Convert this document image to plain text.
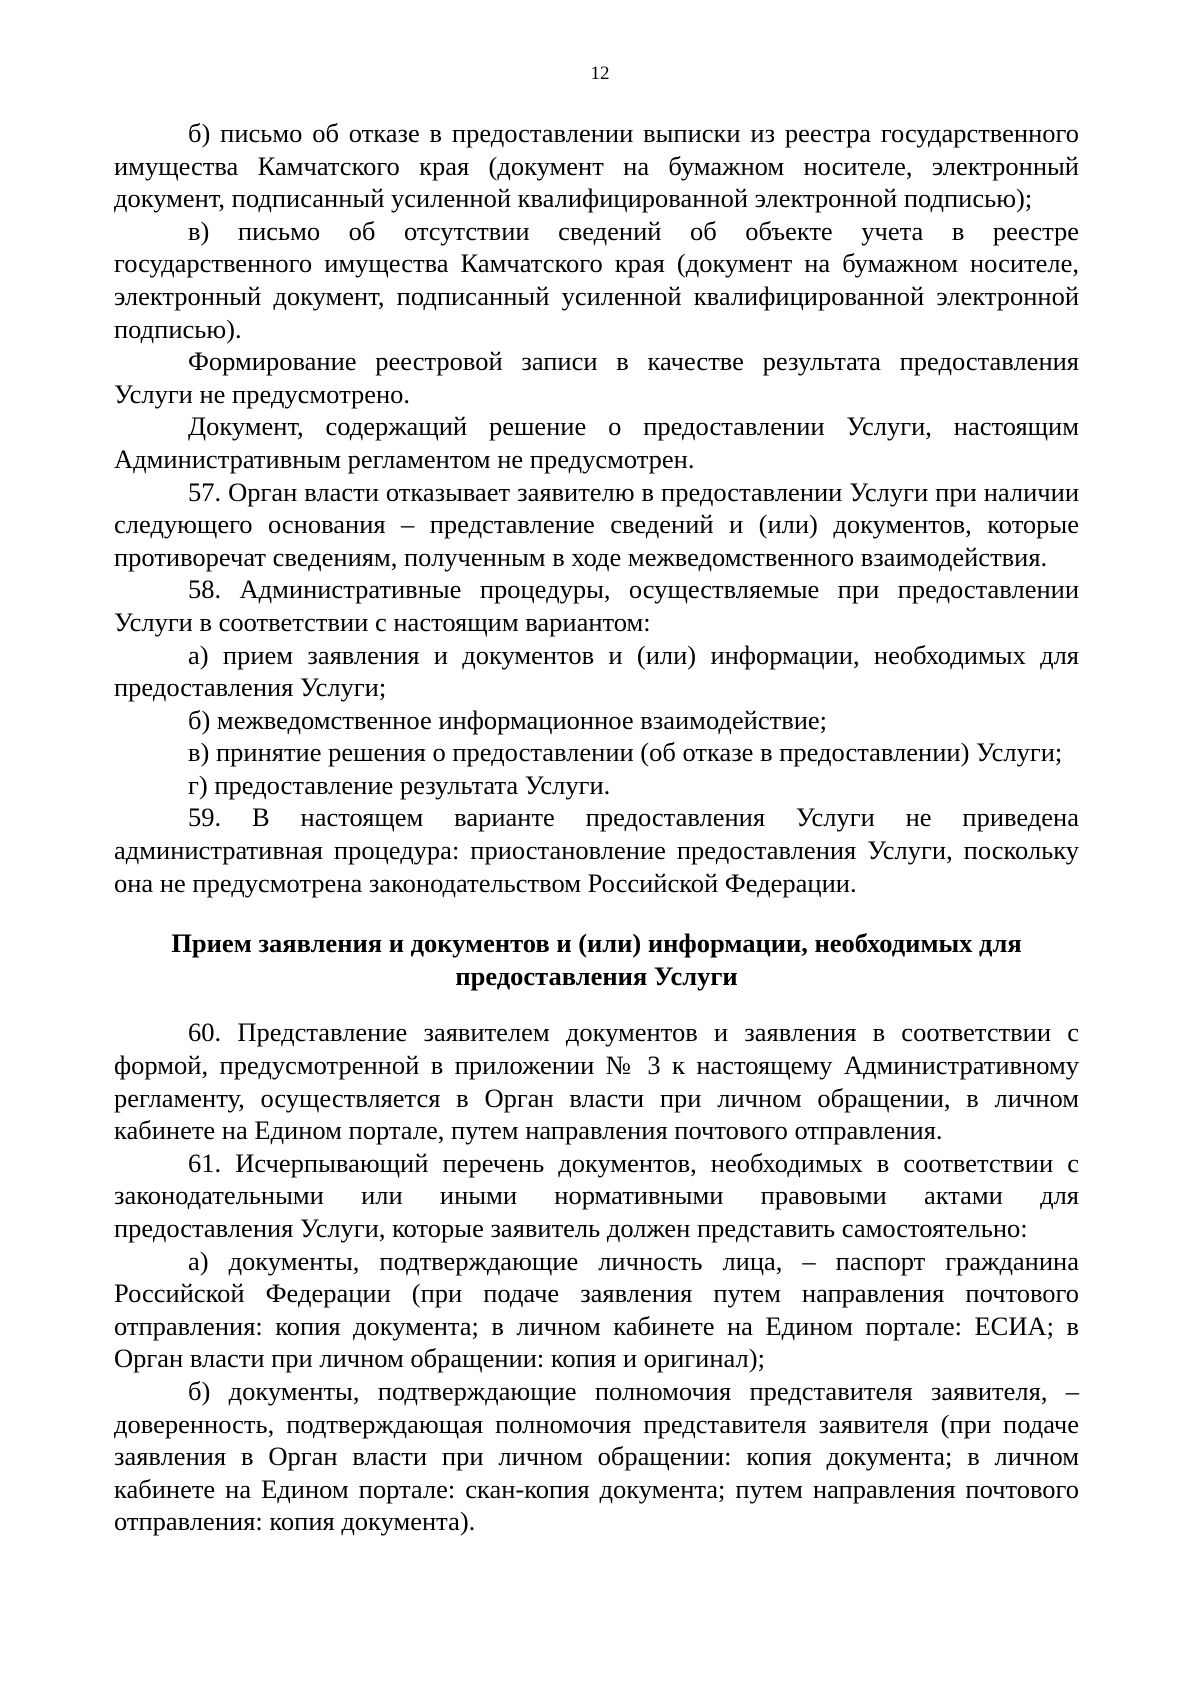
12

б) письмо об отказе в предоставлении выписки из реестра государственного имущества Камчатского края (документ на бумажном носителе, электронный документ, подписанный усиленной квалифицированной электронной подписью);

в) письмо об отсутствии сведений об объекте учета в реестре государственного имущества Камчатского края (документ на бумажном носителе, электронный документ, подписанный усиленной квалифицированной электронной подписью).

Формирование реестровой записи в качестве результата предоставления Услуги не предусмотрено.

Документ, содержащий решение о предоставлении Услуги, настоящим Административным регламентом не предусмотрен.

57. Орган власти отказывает заявителю в предоставлении Услуги при наличии следующего основания – представление сведений и (или) документов, которые противоречат сведениям, полученным в ходе межведомственного взаимодействия.

58. Административные процедуры, осуществляемые при предоставлении Услуги в соответствии с настоящим вариантом:

а) прием заявления и документов и (или) информации, необходимых для предоставления Услуги;

б) межведомственное информационное взаимодействие;

в) принятие решения о предоставлении (об отказе в предоставлении) Услуги;

г) предоставление результата Услуги.

59. В настоящем варианте предоставления Услуги не приведена административная процедура: приостановление предоставления Услуги, поскольку она не предусмотрена законодательством Российской Федерации.

Прием заявления и документов и (или) информации, необходимых для
предоставления Услуги

60. Представление заявителем документов и заявления в соответствии с формой, предусмотренной в приложении № 3 к настоящему Административному регламенту, осуществляется в Орган власти при личном обращении, в личном кабинете на Едином портале, путем направления почтового отправления.

61. Исчерпывающий перечень документов, необходимых в соответствии с законодательными или иными нормативными правовыми актами для предоставления Услуги, которые заявитель должен представить самостоятельно:

а) документы, подтверждающие личность лица, – паспорт гражданина Российской Федерации (при подаче заявления путем направления почтового отправления: копия документа; в личном кабинете на Едином портале: ЕСИА; в Орган власти при личном обращении: копия и оригинал);

б) документы, подтверждающие полномочия представителя заявителя, – доверенность, подтверждающая полномочия представителя заявителя (при подаче заявления в Орган власти при личном обращении: копия документа; в личном кабинете на Едином портале: скан-копия документа; путем направления почтового отправления: копия документа).
